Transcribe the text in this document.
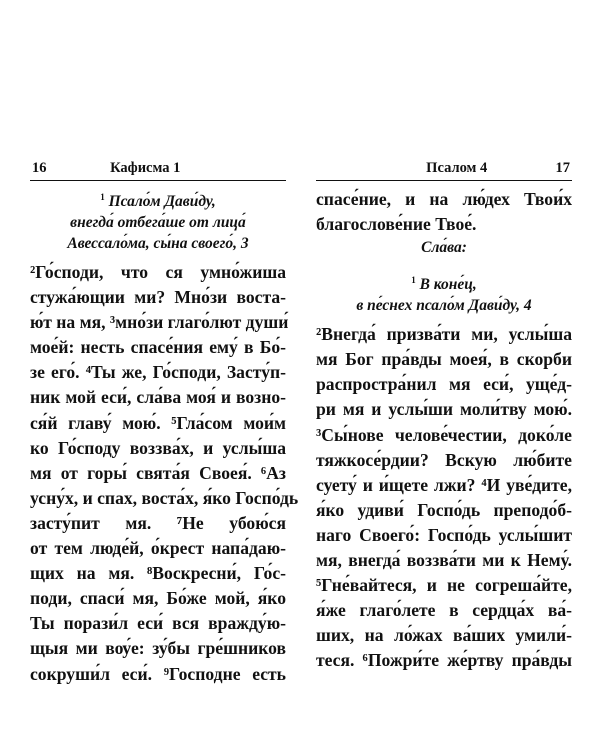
16	Кафисма 1
$^1$ Псало́м Дави́ду,
внегда́ отбега́ше от лица́
Авессало́ма, сы́на своего́, 3
²Го́споди, что ся умно́жиша
стужа́ющии ми? Мно́зи воста-
ю́т на мя, ³мно́зи глаго́лют души́
мое́й: несть спасе́ния ему́ в Бо́-
зе его́. ⁴Ты же, Го́споди, Засту́п-
ник мой еси́, сла́ва моя́ и возно-
ся́й главу́ мою́. ⁵Гла́сом мои́м
ко Го́споду воззва́х, и услы́ша
мя от горы́ свята́я Своея́. ⁶Аз
усну́х, и спах, воста́х, я́ко Госпо́дь
засту́пит мя. ⁷Не убою́ся
от тем люде́й, о́крест напа́даю-
щих на мя. ⁸Воскресни́, Го́с-
поди, спаси́ мя, Бо́же мой, я́ко
Ты порази́л еси́ вся вражду́ю-
щыя ми вѹ́е: зу́бы гре́шников
сокруши́л еси́. ⁹Господне есть
Псалом 4	17
спасе́ние, и на лю́дех Твои́х
благослове́ние Твое́.
Сла́ва:
$^1$ В коне́ц,
в пе́снех псало́м Дави́ду, 4
²Внегда́ призва́ти ми, услы́ша
мя Бог пра́вды моея́, в скорби
распростра́нил мя еси́, уще́д-
ри мя и услы́ши моли́тву мою́.
³Сы́нове челове́честии, доко́ле
тяжкосе́рдии? Вскую лю́бите
суету́ и и́щете лжи? ⁴И уве́дите,
я́ко удиви́ Госпо́дь преподо́б-
наго Своего́: Госпо́дь услы́шит
мя, внегда́ воззва́ти ми к Нему́.
⁵Гне́вайтеся, и не согреша́йте,
я́же глаго́лете в сердца́х ва́-
ших, на ло́жах ва́ших умили́-
теся. ⁶Пожри́те же́ртву пра́вды
